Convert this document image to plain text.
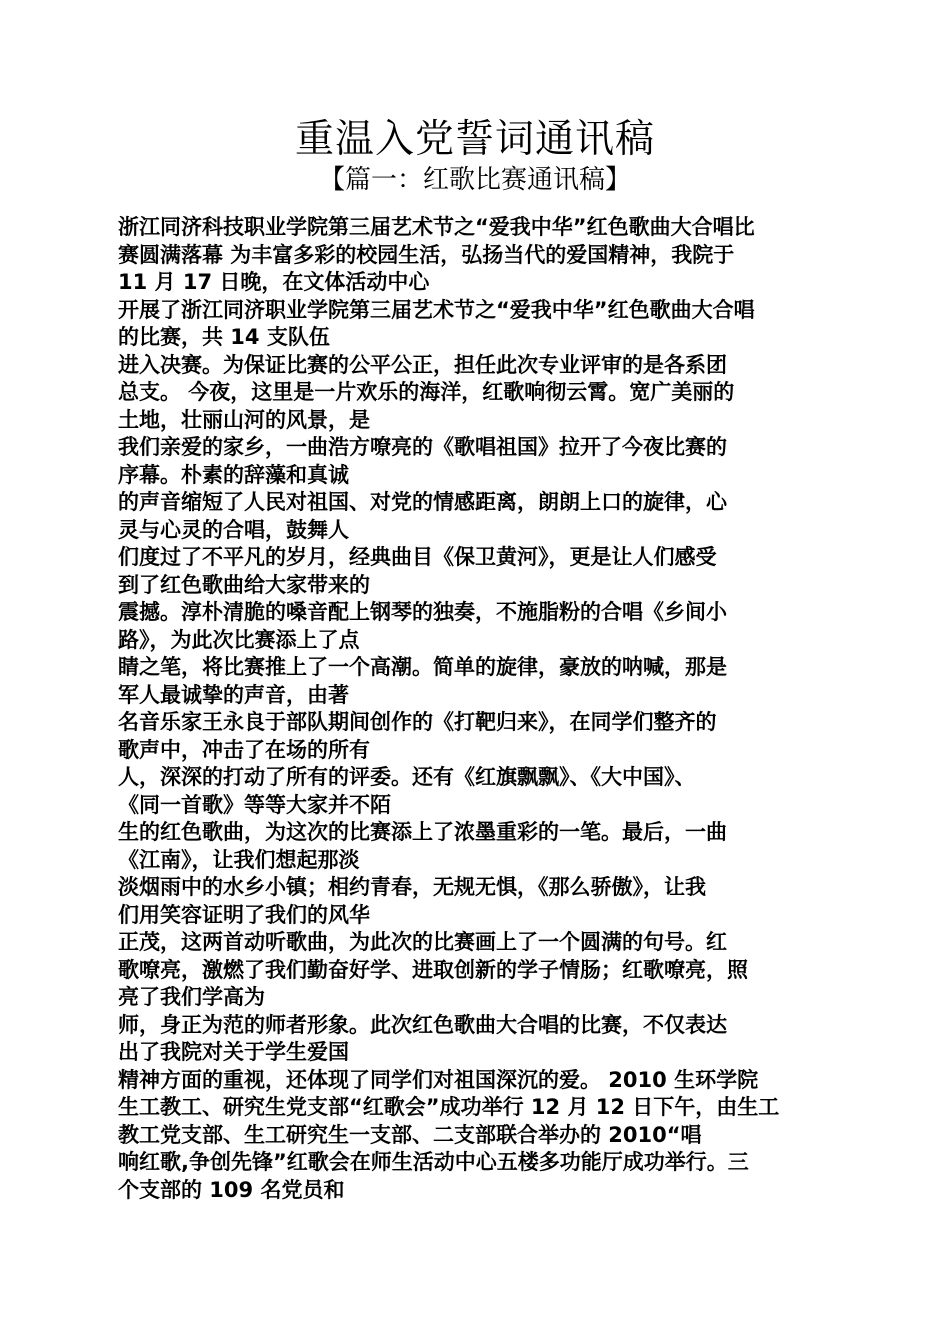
重温入党誓词通讯稿
【篇一：红歌比赛通讯稿】
浙江同济科技职业学院第三届艺术节之“爱我中华”红色歌曲大合唱比
赛圆满落幕 为丰富多彩的校园生活，弘扬当代的爱国精神，我院于
11 月 17 日晚，在文体活动中心
开展了浙江同济职业学院第三届艺术节之“爱我中华”红色歌曲大合唱
的比赛，共 14 支队伍
进入决赛。为保证比赛的公平公正，担任此次专业评审的是各系团
总支。 今夜，这里是一片欢乐的海洋，红歌响彻云霄。宽广美丽的
土地，壮丽山河的风景，是
我们亲爱的家乡，一曲浩方嘹亮的《歌唱祖国》拉开了今夜比赛的
序幕。朴素的辞藻和真诚
的声音缩短了人民对祖国、对党的情感距离，朗朗上口的旋律，心
灵与心灵的合唱，鼓舞人
们度过了不平凡的岁月，经典曲目《保卫黄河》，更是让人们感受
到了红色歌曲给大家带来的
震撼。淳朴清脆的嗓音配上钢琴的独奏，不施脂粉的合唱《乡间小
路》，为此次比赛添上了点
睛之笔，将比赛推上了一个高潮。简单的旋律，豪放的呐喊，那是
军人最诚挚的声音，由著
名音乐家王永良于部队期间创作的《打靶归来》，在同学们整齐的
歌声中，冲击了在场的所有
人，深深的打动了所有的评委。还有《红旗飘飘》、《大中国》、
《同一首歌》等等大家并不陌
生的红色歌曲，为这次的比赛添上了浓墨重彩的一笔。最后，一曲
《江南》，让我们想起那淡
淡烟雨中的水乡小镇；相约青春，无规无惧，《那么骄傲》，让我
们用笑容证明了我们的风华
正茂，这两首动听歌曲，为此次的比赛画上了一个圆满的句号。红
歌嘹亮，激燃了我们勤奋好学、进取创新的学子情肠；红歌嘹亮，照
亮了我们学高为
师，身正为范的师者形象。此次红色歌曲大合唱的比赛，不仅表达
出了我院对关于学生爱国
精神方面的重视，还体现了同学们对祖国深沉的爱。 2010 生环学院
生工教工、研究生党支部“红歌会”成功举行 12 月 12 日下午，由生工
教工党支部、生工研究生一支部、二支部联合举办的 2010“唱
响红歌,争创先锋”红歌会在师生活动中心五楼多功能厅成功举行。三
个支部的 109 名党员和
